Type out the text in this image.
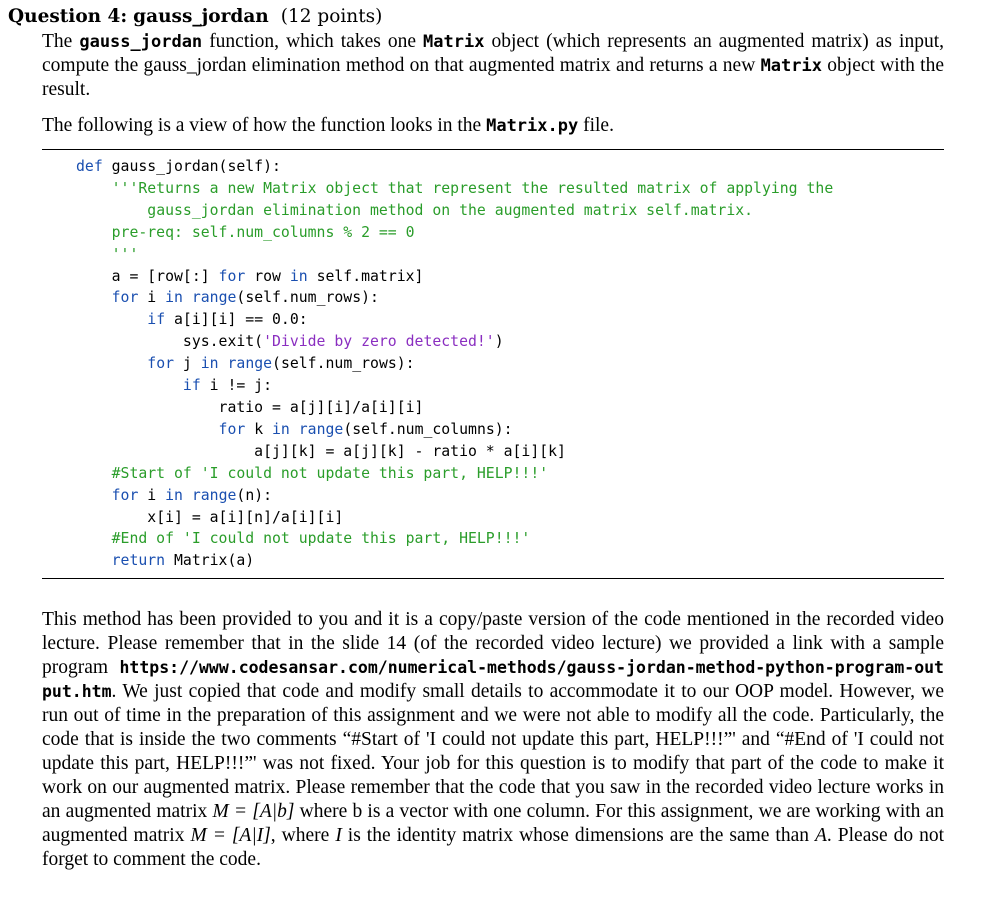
Question 4: gauss_jordan (12 points)
The gauss_jordan function, which takes one Matrix object (which represents an augmented matrix) as input, compute the gauss_jordan elimination method on that augmented matrix and returns a new Matrix object with the result.
The following is a view of how the function looks in the Matrix.py file.
def gauss_jordan(self):
'''Returns a new Matrix object that represent the resulted matrix of applying the
gauss_jordan elimination method on the augmented matrix self.matrix.
pre-req: self.num_columns % 2 == 0
'''
a = [row[:] for row in self.matrix]
for i in range(self.num_rows):
if a[i][i] == 0.0:
sys.exit('Divide by zero detected!')
for j in range(self.num_rows):
if i != j:
ratio = a[j][i]/a[i][i]
for k in range(self.num_columns):
a[j][k] = a[j][k] - ratio * a[i][k]
#Start of 'I could not update this part, HELP!!!'
for i in range(n):
x[i] = a[i][n]/a[i][i]
#End of 'I could not update this part, HELP!!!'
return Matrix(a)
This method has been provided to you and it is a copy/paste version of the code mentioned in the recorded video lecture. Please remember that in the slide 14 (of the recorded video lecture) we provided a link with a sample program https://www.codesansar.com/numerical-methods/gauss-jordan-method-python-program-output.htm. We just copied that code and modify small details to accommodate it to our OOP model. However, we run out of time in the preparation of this assignment and we were not able to modify all the code. Particularly, the code that is inside the two comments “#Start of 'I could not update this part, HELP!!!”' and “#End of 'I could not update this part, HELP!!!”' was not fixed. Your job for this question is to modify that part of the code to make it work on our augmented matrix. Please remember that the code that you saw in the recorded video lecture works in an augmented matrix M = [A|b] where b is a vector with one column. For this assignment, we are working with an augmented matrix M = [A|I], where I is the identity matrix whose dimensions are the same than A. Please do not forget to comment the code.
